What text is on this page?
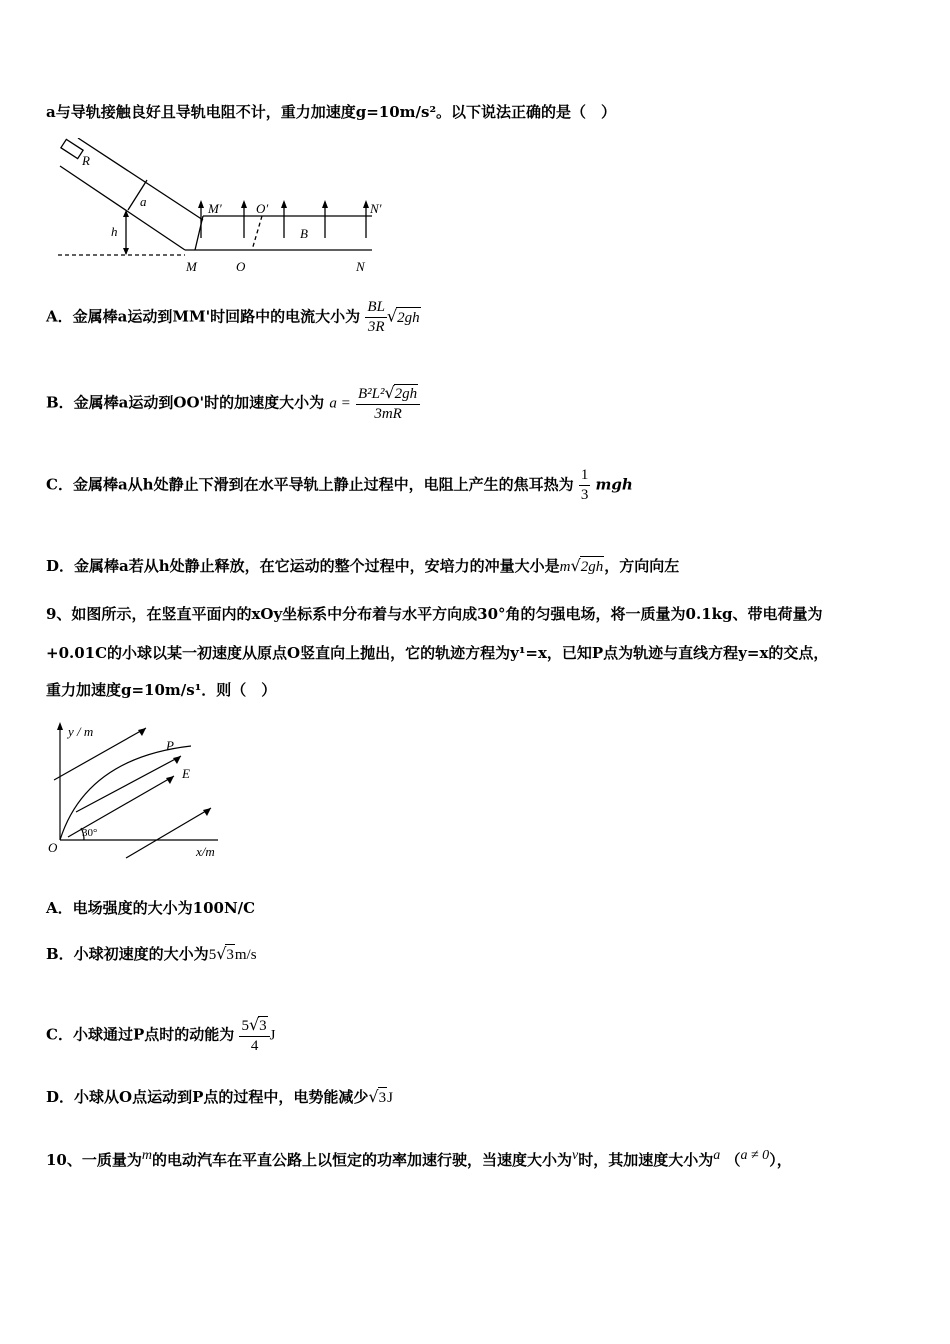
a与导轨接触良好且导轨电阻不计，重力加速度g=10m/s²。以下说法正确的是（　）
R
a
h	B
M	O	N
M′	O′	N′
A．金属棒a运动到MM'时回路中的电流大小为 $\frac{BL}{3R} √2gh$
B．金属棒a运动到OO'时的加速度大小为 $a = \frac{\text{B²L²√2gh}}{3mR}$
C．金属棒a从h处静止下滑到在水平导轨上静止过程中，电阻上产生的焦耳热为 $\frac{1}{3}$ mgh
D．金属棒a若从h处静止释放，在它运动的整个过程中，安培力的冲量大小是m√2gh，方向向左
9、如图所示，在竖直平面内的xOy坐标系中分布着与水平方向成30°角的匀强电场，将一质量为0.1kg、带电荷量为
+0.01C的小球以某一初速度从原点O竖直向上抛出，它的轨迹方程为y¹=x，已知P点为轨迹与直线方程y=x的交点，
重力加速度g=10m/s¹．则（　）
y / m
x/m
O
P
E
30°
A．电场强度的大小为100N/C
B．小球初速度的大小为5√3m/s
C．小球通过P点时的动能为 $\frac{5√3}{4}$ J
D．小球从O点运动到P点的过程中，电势能减少√3J
10、一质量为$^m$的电动汽车在平直公路上以恒定的功率加速行驶，当速度大小为$^v$时，其加速度大小为$^a$ （$^{a \ne 0}$），
